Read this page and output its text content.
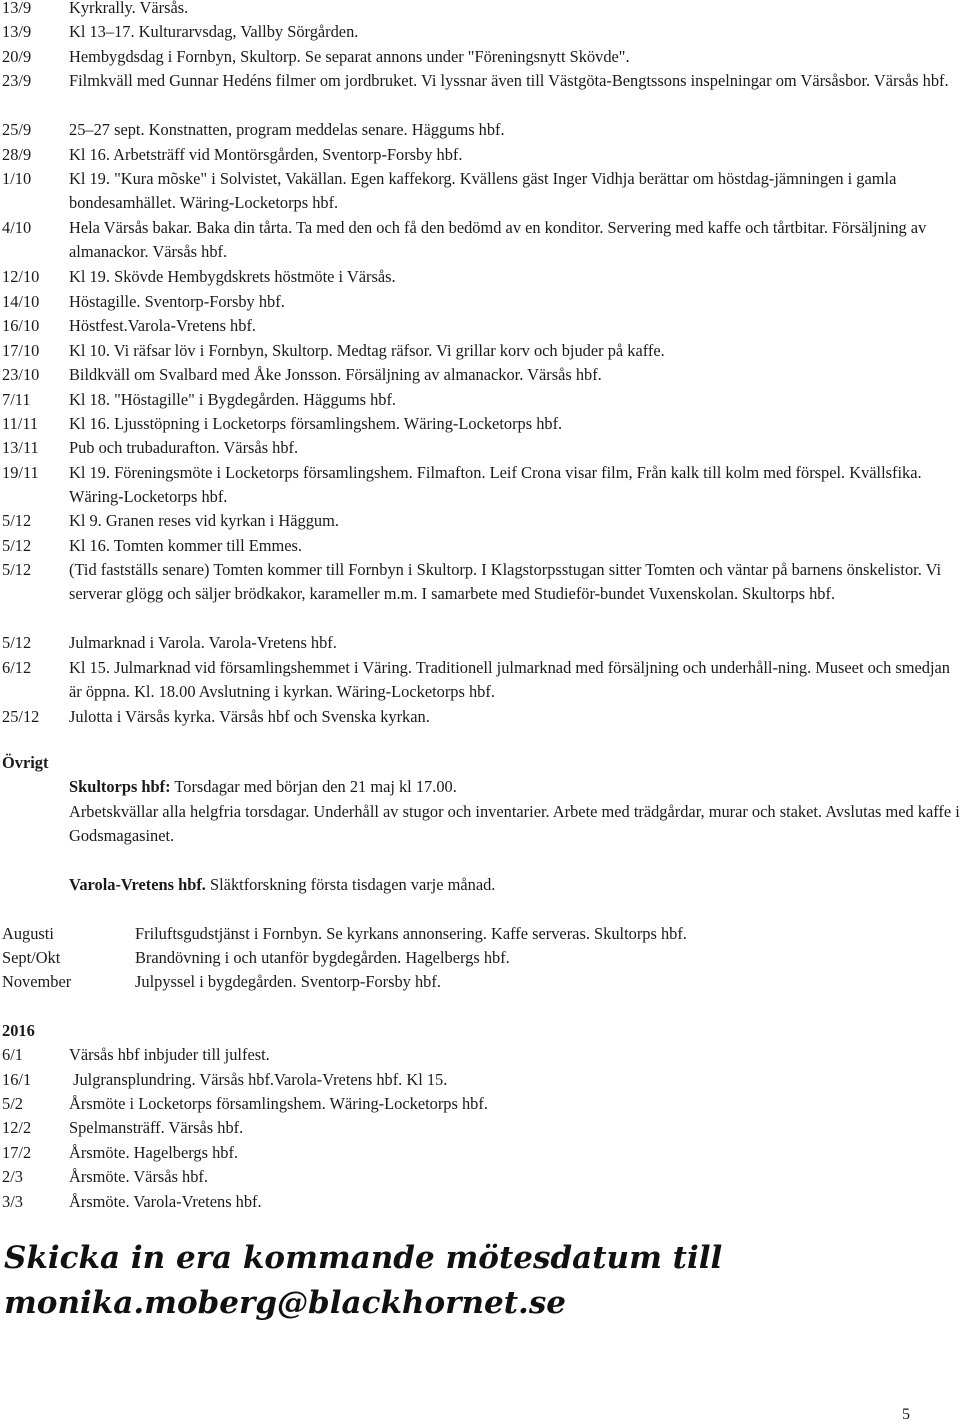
13/9 Kyrkrally. Värsås.
13/9 Kl 13–17. Kulturarvsdag, Vallby Sörgården.
20/9 Hembygdsdag i Fornbyn, Skultorp. Se separat annons under "Föreningsnytt Skövde".
23/9 Filmkväll med Gunnar Hedéns filmer om jordbruket. Vi lyssnar även till Västgöta-Bengtssons inspelningar om Värsåsbor. Värsås hbf.
25/9 25–27 sept. Konstnatten, program meddelas senare. Häggums hbf.
28/9 Kl 16. Arbetsträff vid Montörsgården, Sventorp-Forsby hbf.
1/10 Kl 19. "Kura mõske" i Solvistet, Vakällan. Egen kaffekorg. Kvällens gäst Inger Vidhja berättar om höstdag-jämningen i gamla bondesamhället. Wäring-Locketorps hbf.
4/10 Hela Värsås bakar. Baka din tårta. Ta med den och få den bedömd av en konditor. Servering med kaffe och tårtbitar. Försäljning av almanackor. Värsås hbf.
12/10 Kl 19. Skövde Hembygdskrets höstmöte i Värsås.
14/10 Höstagille. Sventorp-Forsby hbf.
16/10 Höstfest.Varola-Vretens hbf.
17/10 Kl 10. Vi räfsar löv i Fornbyn, Skultorp. Medtag räfsor. Vi grillar korv och bjuder på kaffe.
23/10 Bildkväll om Svalbard med Åke Jonsson. Försäljning av almanackor. Värsås hbf.
7/11 Kl 18. "Höstagille" i Bygdegården. Häggums hbf.
11/11 Kl 16. Ljusstöpning i Locketorps församlingshem. Wäring-Locketorps hbf.
13/11 Pub och trubadurafton. Värsås hbf.
19/11 Kl 19. Föreningsmöte i Locketorps församlingshem. Filmafton. Leif Crona visar film, Från kalk till kolm med förspel. Kvällsfika. Wäring-Locketorps hbf.
5/12 Kl 9. Granen reses vid kyrkan i Häggum.
5/12 Kl 16. Tomten kommer till Emmes.
5/12 (Tid fastställs senare) Tomten kommer till Fornbyn i Skultorp. I Klagstorpsstugan sitter Tomten och väntar på barnens önskelistor. Vi serverar glögg och säljer brödkakor, karameller m.m. I samarbete med Studieför-bundet Vuxenskolan. Skultorps hbf.
5/12 Julmarknad i Varola. Varola-Vretens hbf.
6/12 Kl 15. Julmarknad vid församlingshemmet i Väring. Traditionell julmarknad med försäljning och underhåll-ning. Museet och smedjan är öppna. Kl. 18.00 Avslutning i kyrkan. Wäring-Locketorps hbf.
25/12 Julotta i Värsås kyrka. Värsås hbf och Svenska kyrkan.
Övrigt
Skultorps hbf: Torsdagar med början den 21 maj kl 17.00.
Arbetskvällar alla helgfria torsdagar. Underhåll av stugor och inventarier. Arbete med trädgårdar, murar och staket. Avslutas med kaffe i Godsmagasinet.
Varola-Vretens hbf. Släktforskning första tisdagen varje månad.
Augusti	Friluftsgudstjänst i Fornbyn. Se kyrkans annonsering. Kaffe serveras. Skultorps hbf.
Sept/Okt	Brandövning i och utanför bygdegården. Hagelbergs hbf.
November	Julpyssel i bygdegården. Sventorp-Forsby hbf.
2016
6/1	Värsås hbf inbjuder till julfest.
16/1 Julgransplundring. Värsås hbf.Varola-Vretens hbf. Kl 15.
5/2	Årsmöte i Locketorps församlingshem. Wäring-Locketorps hbf.
12/2 Spelmansträff. Värsås hbf.
17/2 Årsmöte. Hagelbergs hbf.
2/3	Årsmöte. Värsås hbf.
3/3	Årsmöte. Varola-Vretens hbf.
Skicka in era kommande mötesdatum till
monika.moberg@blackhornet.se
5
